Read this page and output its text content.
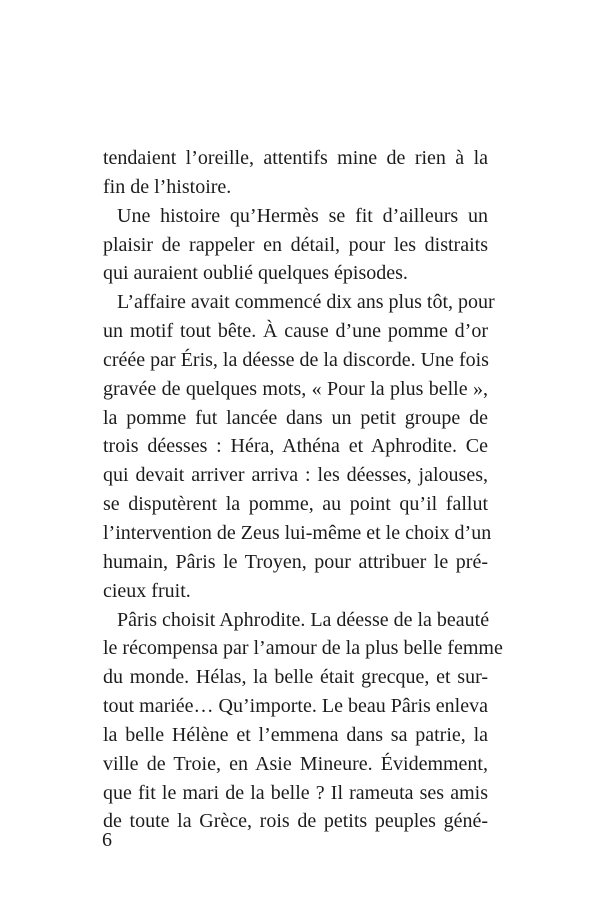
tendaient l’oreille, attentifs mine de rien à la
fin de l’histoire.
Une histoire qu’Hermès se fit d’ailleurs un
plaisir de rappeler en détail, pour les distraits
qui auraient oublié quelques épisodes.
L’affaire avait commencé dix ans plus tôt, pour
un motif tout bête. À cause d’une pomme d’or
créée par Éris, la déesse de la discorde. Une fois
gravée de quelques mots, « Pour la plus belle »,
la pomme fut lancée dans un petit groupe de
trois déesses : Héra, Athéna et Aphrodite. Ce
qui devait arriver arriva : les déesses, jalouses,
se disputèrent la pomme, au point qu’il fallut
l’intervention de Zeus lui-même et le choix d’un
humain, Pâris le Troyen, pour attribuer le pré-
cieux fruit.
Pâris choisit Aphrodite. La déesse de la beauté
le récompensa par l’amour de la plus belle femme
du monde. Hélas, la belle était grecque, et sur-
tout mariée… Qu’importe. Le beau Pâris enleva
la belle Hélène et l’emmena dans sa patrie, la
ville de Troie, en Asie Mineure. Évidemment,
que fit le mari de la belle ? Il rameuta ses amis
de toute la Grèce, rois de petits peuples géné-
6
